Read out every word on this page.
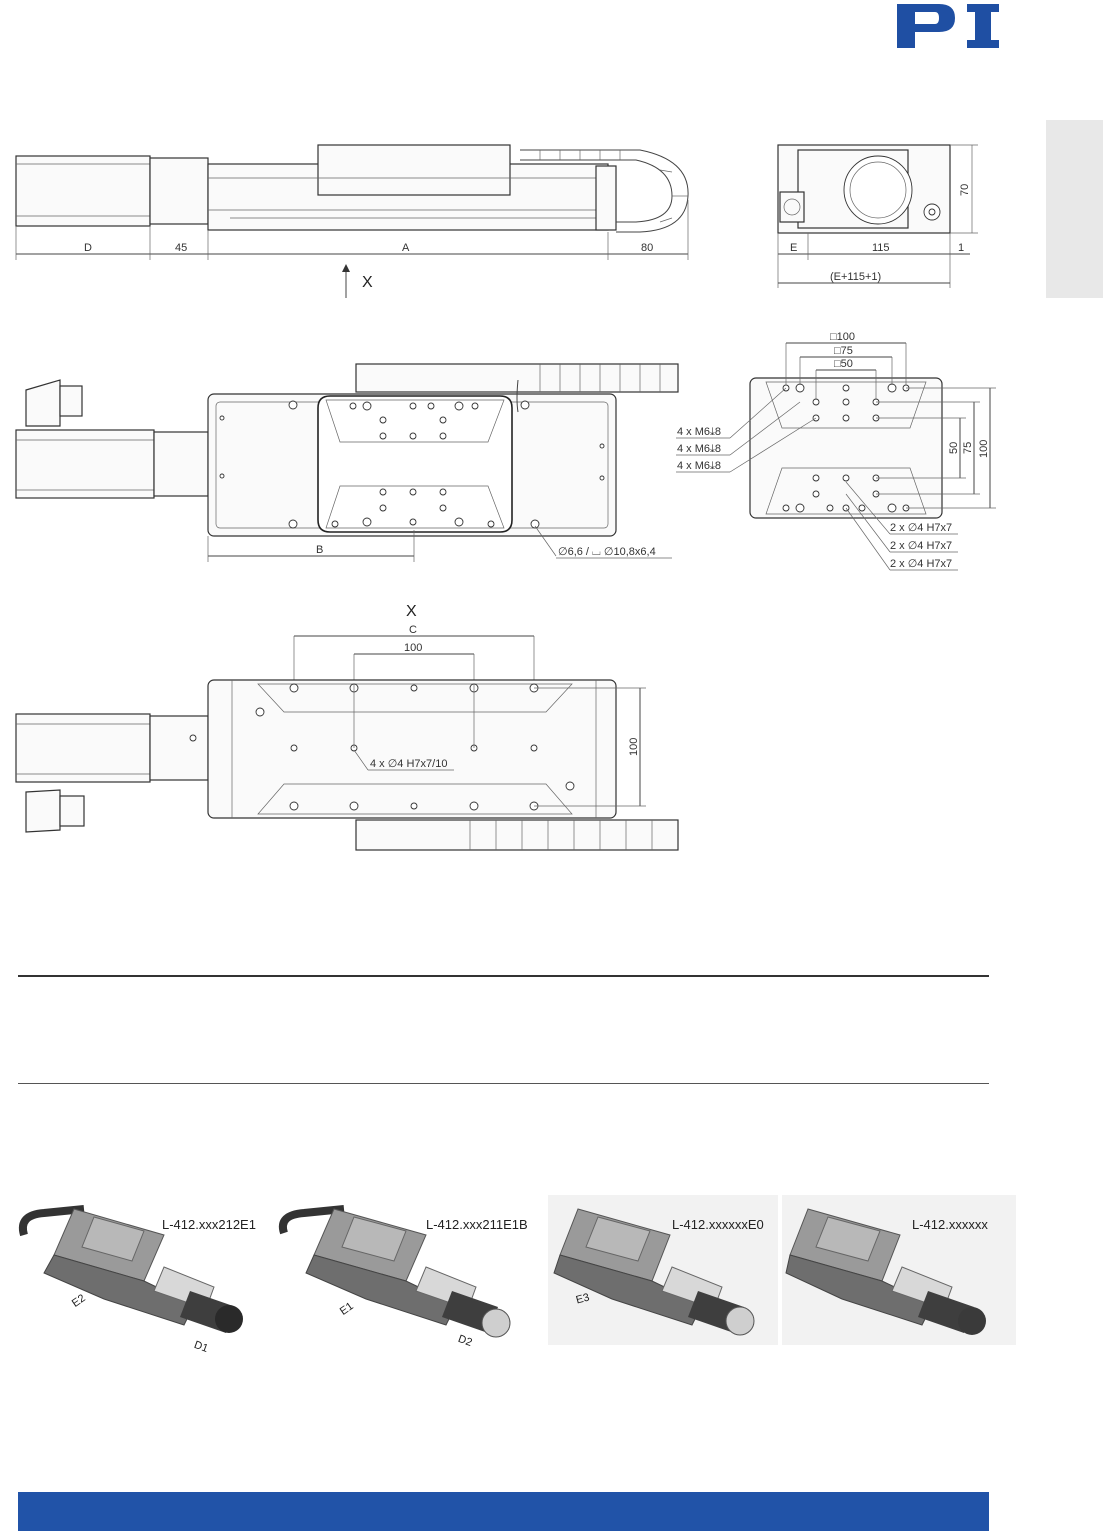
D	45	A	80
X
70
E	115	1
(E+115+1)
B	∅6,6 / ⌴ ∅10,8x6,4
□100
□75
□50
50 75 100
4 x M6⤓8
4 x M6⤓8
4 x M6⤓8
2 x ∅4 H7x7
2 x ∅4 H7x7
2 x ∅4 H7x7
X
C
100
4 x ∅4 H7x7/10
100
L-412.xxx212E1
E2
D1
L-412.xxx211E1B
E1
D2
L-412.xxxxxxE0
E3
L-412.xxxxxx
